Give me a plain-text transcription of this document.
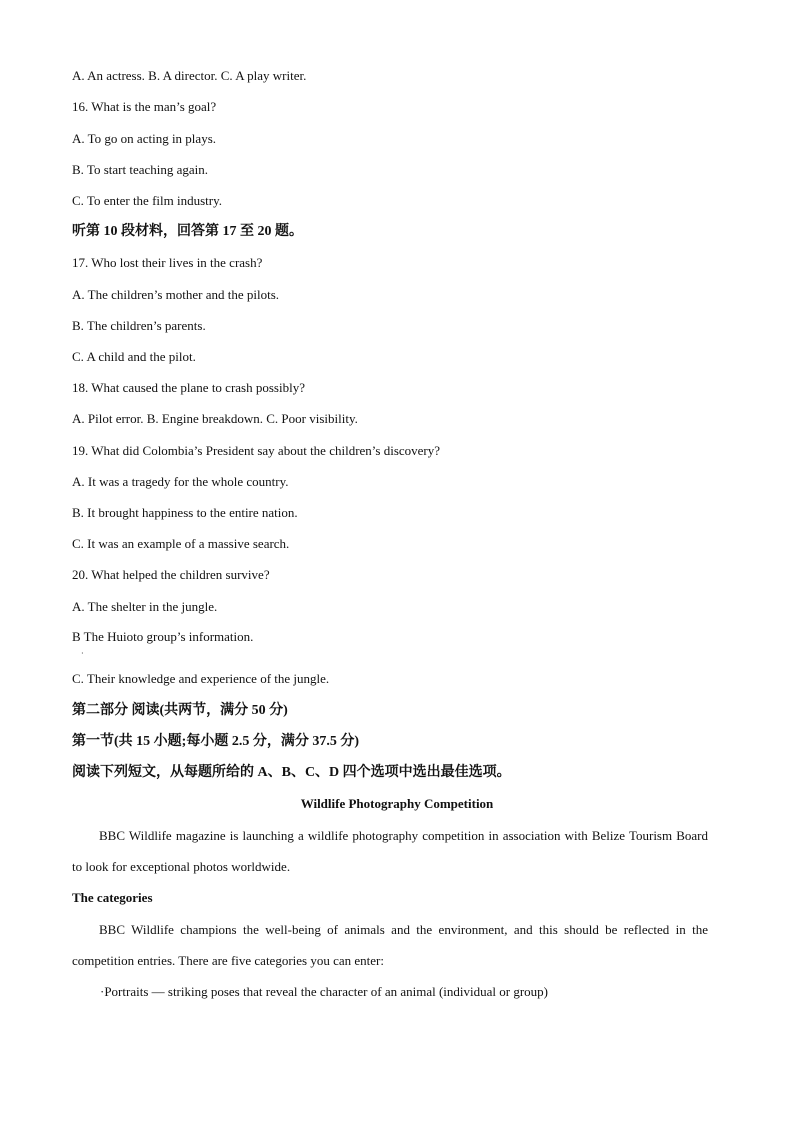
A. An actress. B. A director. C. A play writer.
16. What is the man’s goal?
A. To go on acting in plays.
B. To start teaching again.
C. To enter the film industry.
听第 10 段材料，回答第 17 至 20 题。
17. Who lost their lives in the crash?
A. The children’s mother and the pilots.
B. The children’s parents.
C. A child and the pilot.
18. What caused the plane to crash possibly?
A. Pilot error. B. Engine breakdown. C. Poor visibility.
19. What did Colombia’s President say about the children’s discovery?
A. It was a tragedy for the whole country.
B. It brought happiness to the entire nation.
C. It was an example of a massive search.
20. What helped the children survive?
A. The shelter in the jungle.
B The Huioto group’s information.
·
C. Their knowledge and experience of the jungle.
第二部分 阅读(共两节，满分 50 分)
第一节(共 15 小题;每小题 2.5 分，满分 37.5 分)
阅读下列短文，从每题所给的 A、B、C、D 四个选项中选出最佳选项。
Wildlife Photography Competition
BBC Wildlife magazine is launching a wildlife photography competition in association with Belize Tourism Board to look for exceptional photos worldwide.
The categories
BBC Wildlife champions the well-being of animals and the environment, and this should be reflected in the competition entries. There are five categories you can enter:
·Portraits — striking poses that reveal the character of an animal (individual or group)
